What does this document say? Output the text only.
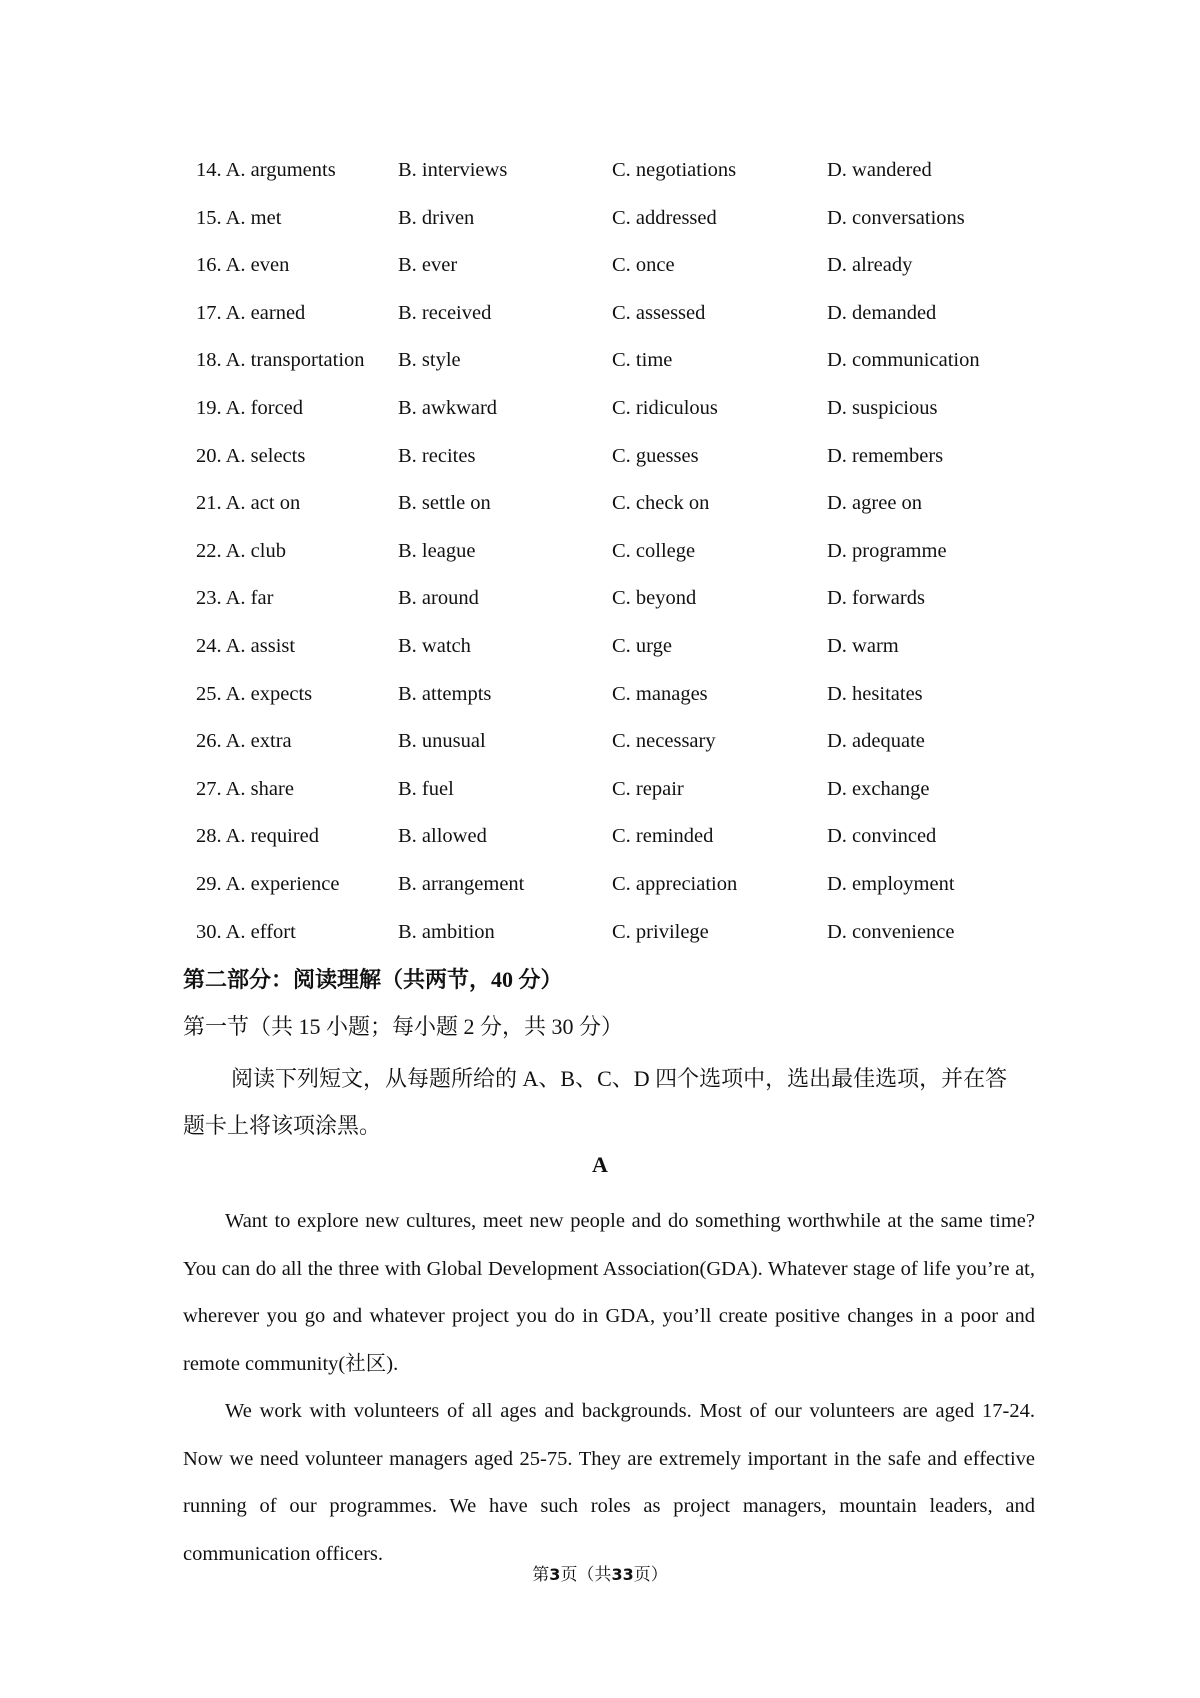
14. A. arguments	B. interviews	C. negotiations	D. wandered
15. A. met	B. driven	C. addressed	D. conversations
16. A. even	B. ever	C. once	D. already
17. A. earned	B. received	C. assessed	D. demanded
18. A. transportation B. style	C. time	D. communication
19. A. forced	B. awkward	C. ridiculous	D. suspicious
20. A. selects	B. recites	C. guesses	D. remembers
21. A. act on	B. settle on	C. check on	D. agree on
22. A. club	B. league	C. college	D. programme
23. A. far	B. around	C. beyond	D. forwards
24. A. assist	B. watch	C. urge	D. warm
25. A. expects	B. attempts	C. manages	D. hesitates
26. A. extra	B. unusual	C. necessary	D. adequate
27. A. share	B. fuel	C. repair	D. exchange
28. A. required	B. allowed	C. reminded	D. convinced
29. A. experience	B. arrangement	C. appreciation	D. employment
30. A. effort	B. ambition	C. privilege	D. convenience
第二部分：阅读理解（共两节，40 分）
第一节（共 15 小题；每小题 2 分，共 30 分）
阅读下列短文，从每题所给的 A、B、C、D 四个选项中，选出最佳选项，并在答题卡上将该项涂黑。
A

Want to explore new cultures, meet new people and do something worthwhile at the same time? You can do all the three with Global Development Association(GDA). Whatever stage of life you’re at, wherever you go and whatever project you do in GDA, you’ll create positive changes in a poor and remote community(社区).

We work with volunteers of all ages and backgrounds. Most of our volunteers are aged 17-24. Now we need volunteer managers aged 25-75. They are extremely important in the safe and effective running of our programmes. We have such roles as project managers, mountain leaders, and communication officers.

第3页（共33页）
